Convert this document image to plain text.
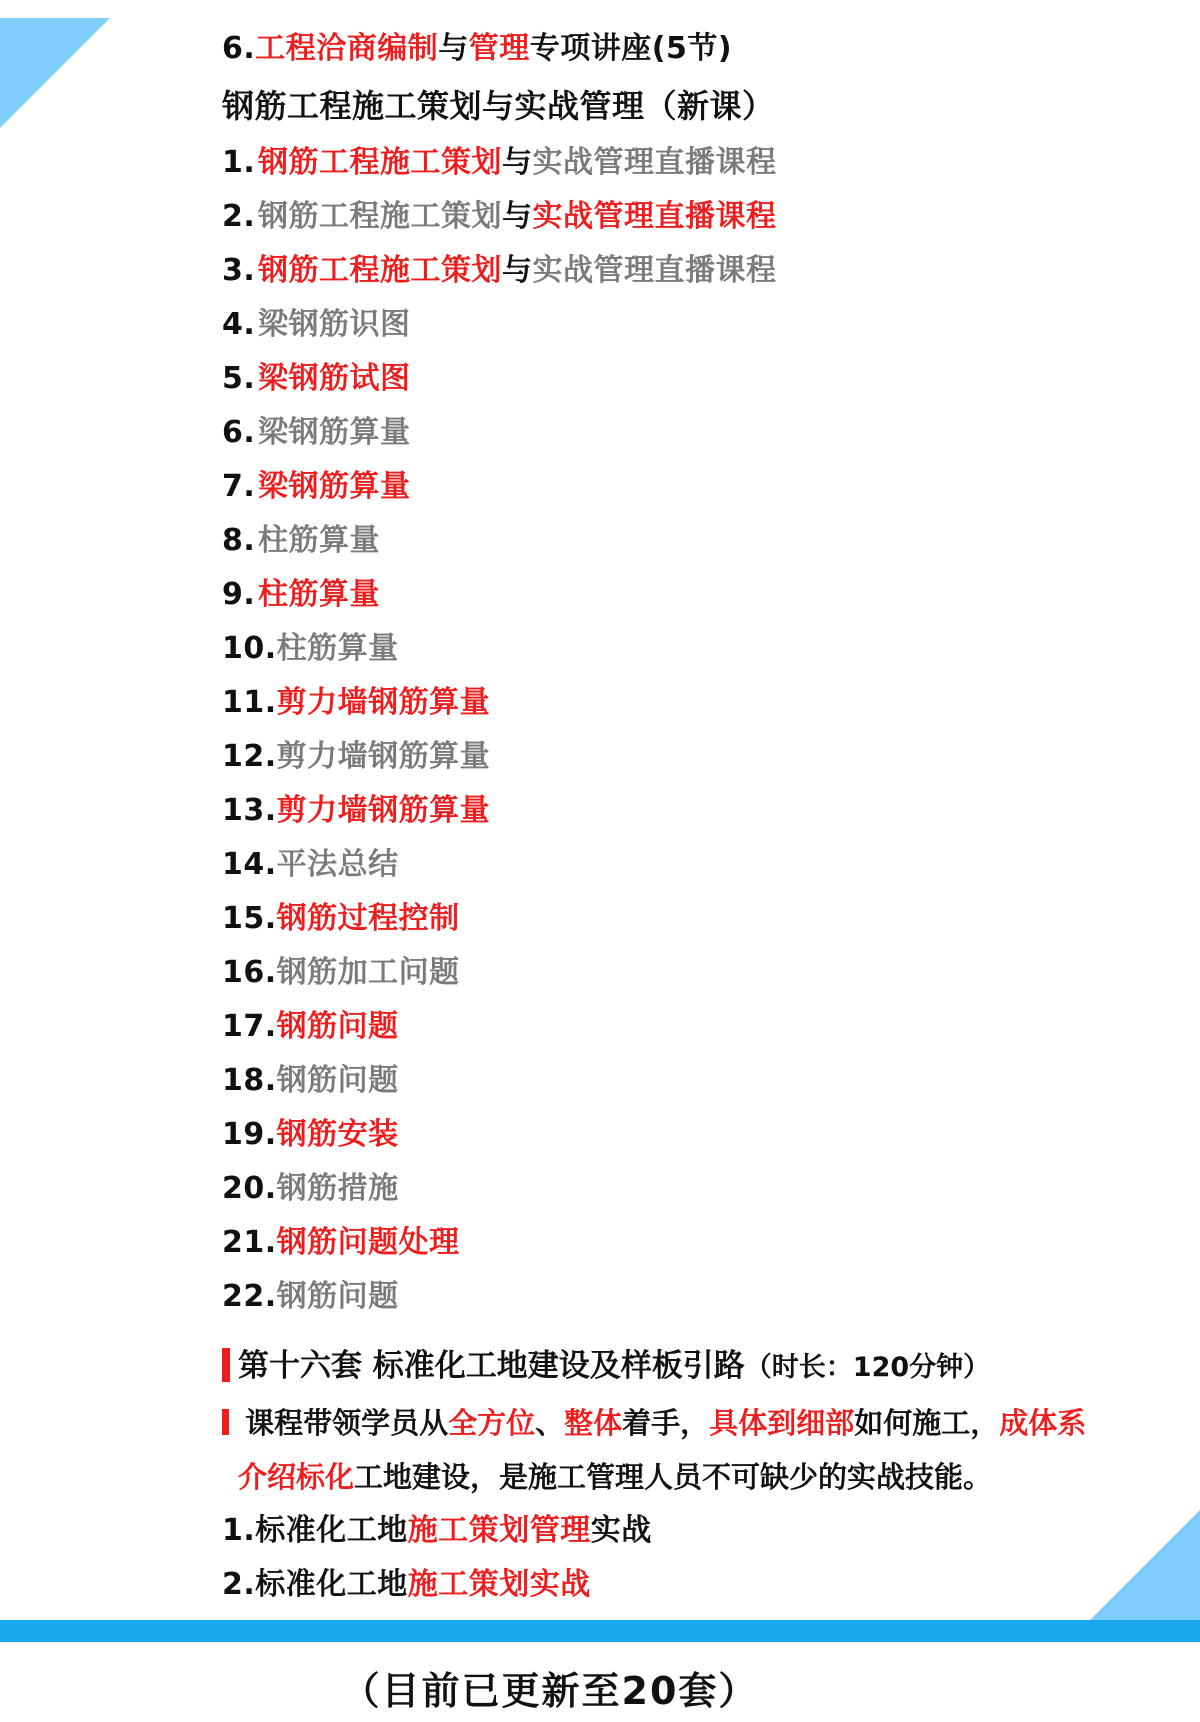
6.工程洽商编制与管理专项讲座(5节)
钢筋工程施工策划与实战管理（新课）
1.钢筋工程施工策划与实战管理直播课程
2.钢筋工程施工策划与实战管理直播课程
3.钢筋工程施工策划与实战管理直播课程
4.梁钢筋识图
5.梁钢筋试图
6.梁钢筋算量
7.梁钢筋算量
8.柱筋算量
9.柱筋算量
10.柱筋算量
11.剪力墙钢筋算量
12.剪力墙钢筋算量
13.剪力墙钢筋算量
14.平法总结
15.钢筋过程控制
16.钢筋加工问题
17.钢筋问题
18.钢筋问题
19.钢筋安装
20.钢筋措施
21.钢筋问题处理
22.钢筋问题
第十六套 标准化工地建设及样板引路（时长：120分钟）
课程带领学员从全方位、整体着手，具体到细部如何施工，成体系
介绍标化工地建设，是施工管理人员不可缺少的实战技能。
1.标准化工地施工策划管理实战
2.标准化工地施工策划实战
（目前已更新至20套）
